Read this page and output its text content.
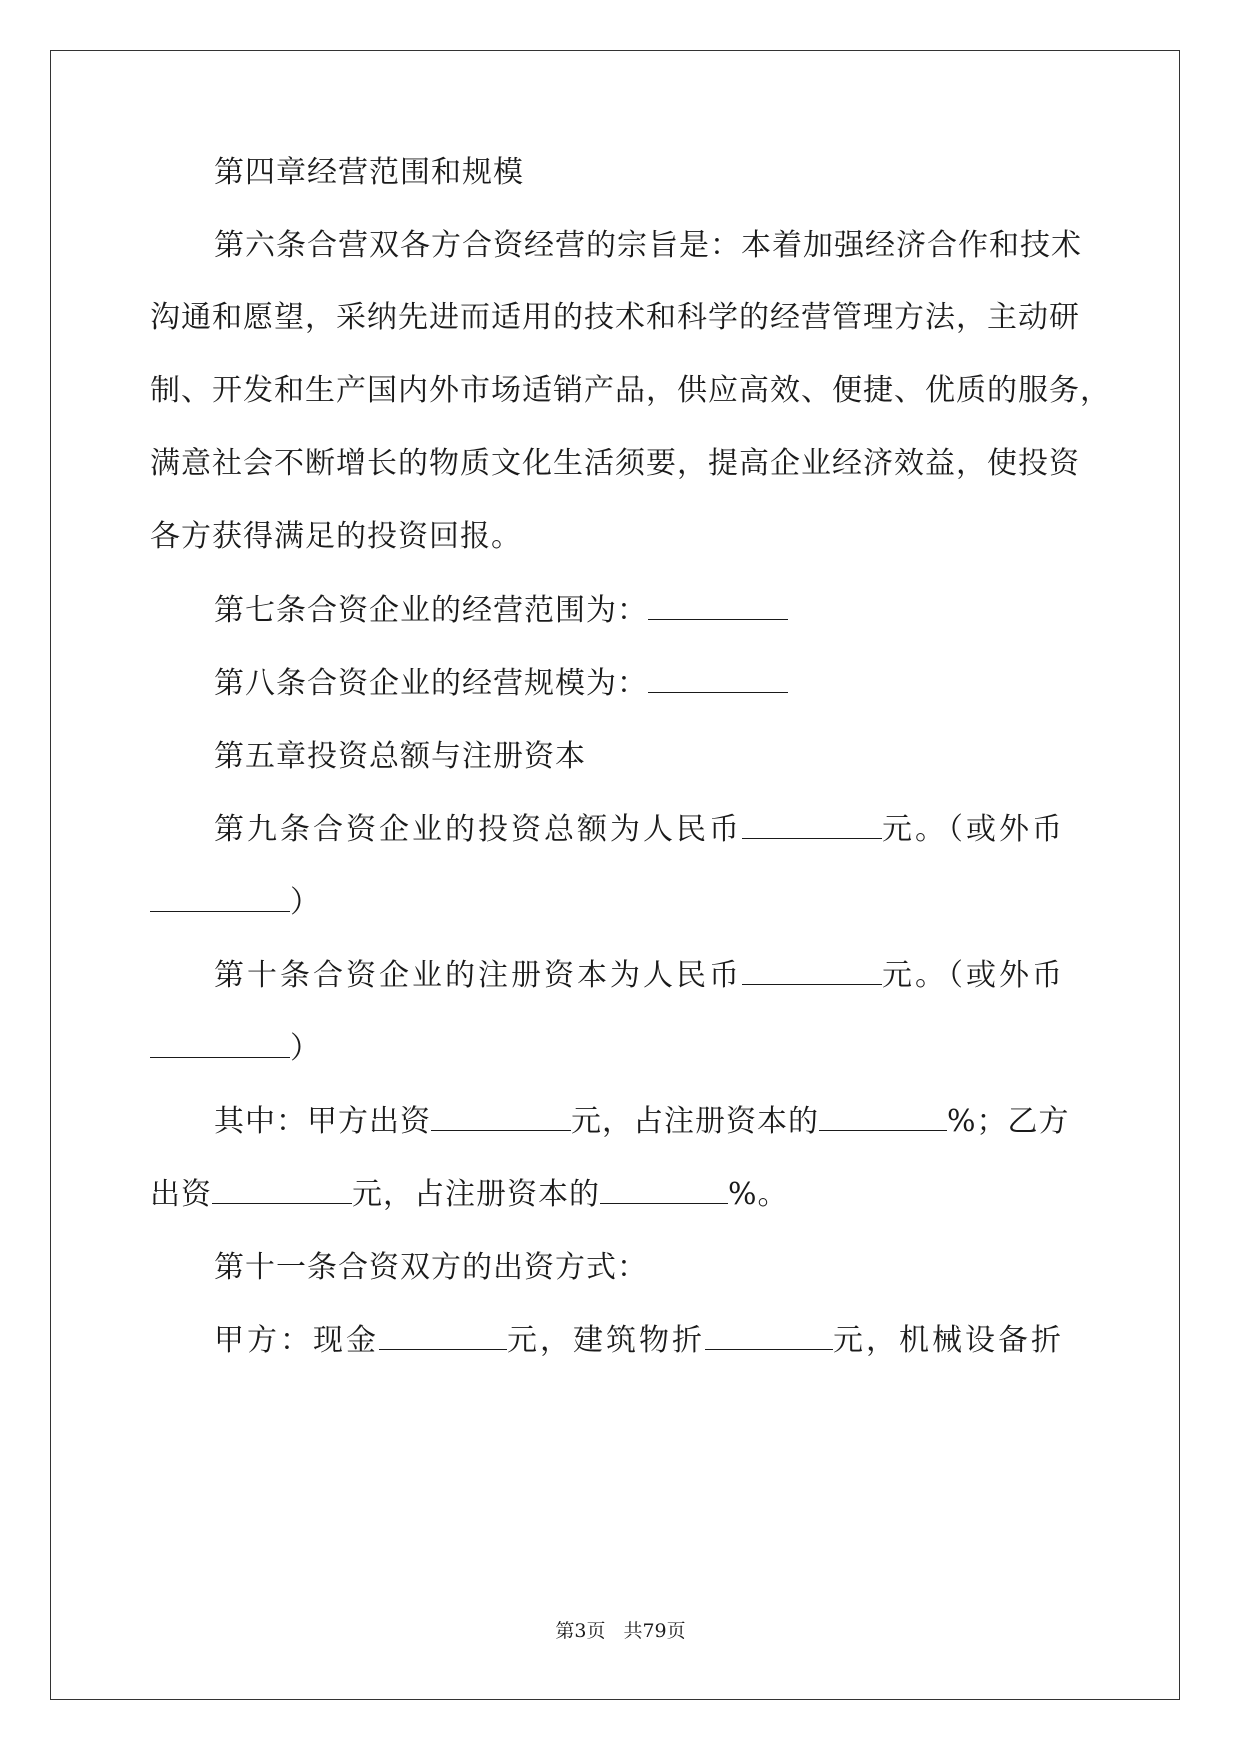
第四章经营范围和规模
第六条合营双各方合资经营的宗旨是：本着加强经济合作和技术
沟通和愿望，采纳先进而适用的技术和科学的经营管理方法，主动研
制、开发和生产国内外市场适销产品，供应高效、便捷、优质的服务，
满意社会不断增长的物质文化生活须要，提高企业经济效益，使投资
各方获得满足的投资回报。
第七条合资企业的经营范围为：
第八条合资企业的经营规模为：
第五章投资总额与注册资本
第九条合资企业的投资总额为人民币	元。（或外币
）
第十条合资企业的注册资本为人民币	元。（或外币
）
其中：甲方出资	元，占注册资本的	%；乙方
出资	元，占注册资本的	%。
第十一条合资双方的出资方式：
甲方：现金	元，建筑物折	元，机械设备折
第3页 共79页
